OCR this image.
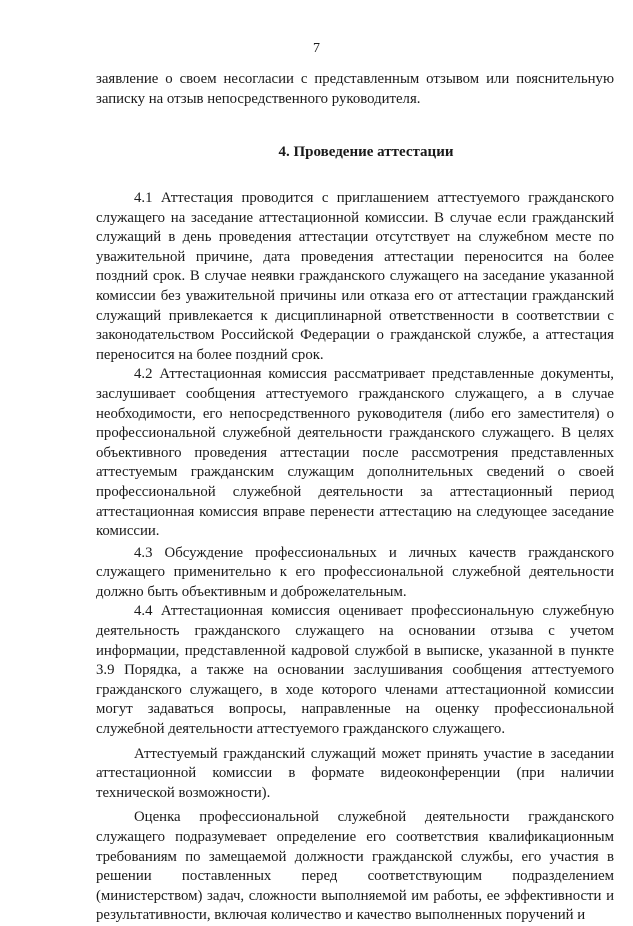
7

заявление о своем несогласии с представленным отзывом или пояснительную записку на отзыв непосредственного руководителя.

4. Проведение аттестации

4.1 Аттестация проводится с приглашением аттестуемого гражданского служащего на заседание аттестационной комиссии. В случае если гражданский служащий в день проведения аттестации отсутствует на служебном месте по уважительной причине, дата проведения аттестации переносится на более поздний срок. В случае неявки гражданского служащего на заседание указанной комиссии без уважительной причины или отказа его от аттестации гражданский служащий привлекается к дисциплинарной ответственности в соответствии с законодательством Российской Федерации о гражданской службе, а аттестация переносится на более поздний срок.

4.2 Аттестационная комиссия рассматривает представленные документы, заслушивает сообщения аттестуемого гражданского служащего, а в случае необходимости, его непосредственного руководителя (либо его заместителя) о профессиональной служебной деятельности гражданского служащего. В целях объективного проведения аттестации после рассмотрения представленных аттестуемым гражданским служащим дополнительных сведений о своей профессиональной служебной деятельности за аттестационный период аттестационная комиссия вправе перенести аттестацию на следующее заседание комиссии.

4.3 Обсуждение профессиональных и личных качеств гражданского служащего применительно к его профессиональной служебной деятельности должно быть объективным и доброжелательным.

4.4 Аттестационная комиссия оценивает профессиональную служебную деятельность гражданского служащего на основании отзыва с учетом информации, представленной кадровой службой в выписке, указанной в пункте 3.9 Порядка, а также на основании заслушивания сообщения аттестуемого гражданского служащего, в ходе которого членами аттестационной комиссии могут задаваться вопросы, направленные на оценку профессиональной служебной деятельности аттестуемого гражданского служащего.

Аттестуемый гражданский служащий может принять участие в заседании аттестационной комиссии в формате видеоконференции (при наличии технической возможности).

Оценка профессиональной служебной деятельности гражданского служащего подразумевает определение его соответствия квалификационным требованиям по замещаемой должности гражданской службы, его участия в решении поставленных перед соответствующим подразделением (министерством) задач, сложности выполняемой им работы, ее эффективности и результативности, включая количество и качество выполненных поручений и
